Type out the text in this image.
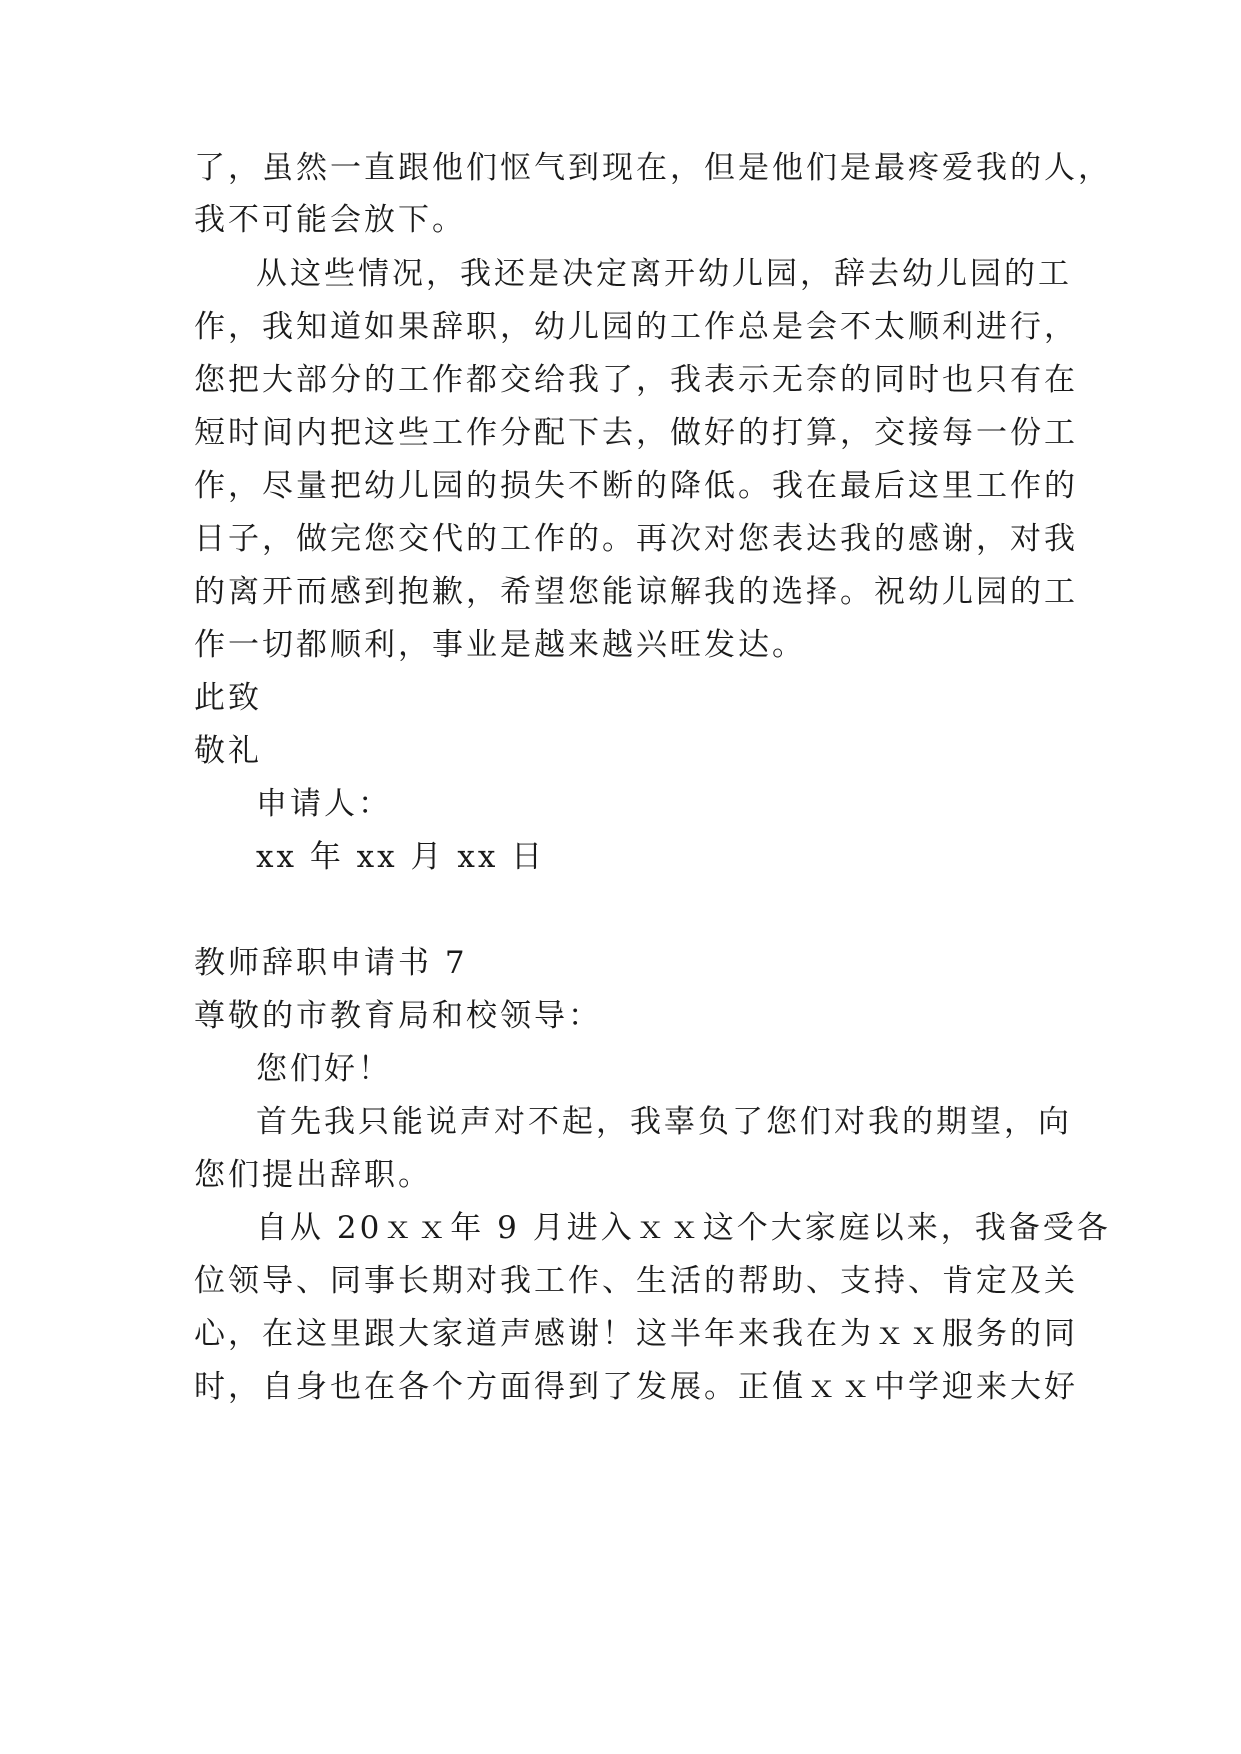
了，虽然一直跟他们怄气到现在，但是他们是最疼爱我的人，
我不可能会放下。
从这些情况，我还是决定离开幼儿园，辞去幼儿园的工
作，我知道如果辞职，幼儿园的工作总是会不太顺利进行，
您把大部分的工作都交给我了，我表示无奈的同时也只有在
短时间内把这些工作分配下去，做好的打算，交接每一份工
作，尽量把幼儿园的损失不断的降低。我在最后这里工作的
日子，做完您交代的工作的。再次对您表达我的感谢，对我
的离开而感到抱歉，希望您能谅解我的选择。祝幼儿园的工
作一切都顺利，事业是越来越兴旺发达。
此致
敬礼
申请人：
xx 年 xx 月 xx 日
教师辞职申请书 7
尊敬的市教育局和校领导：
您们好！
首先我只能说声对不起，我辜负了您们对我的期望，向
您们提出辞职。
自从 20ｘｘ年 9 月进入ｘｘ这个大家庭以来，我备受各
位领导、同事长期对我工作、生活的帮助、支持、肯定及关
心，在这里跟大家道声感谢！这半年来我在为ｘｘ服务的同
时，自身也在各个方面得到了发展。正值ｘｘ中学迎来大好
